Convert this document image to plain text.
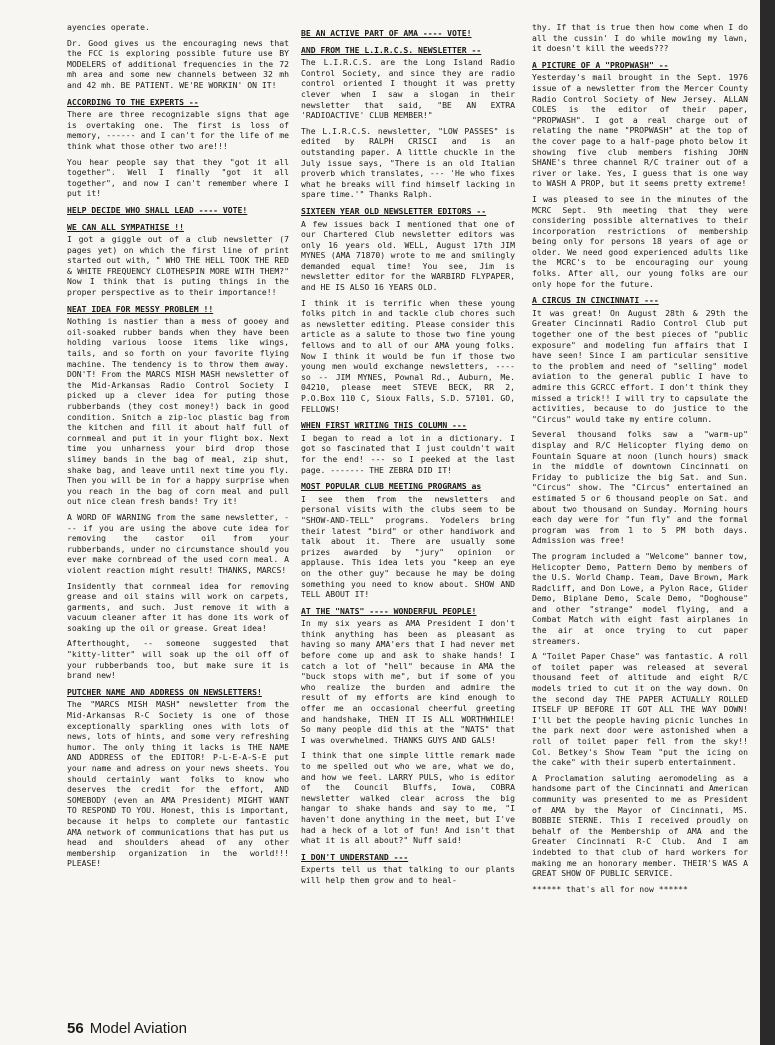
ayencies operate.

Dr. Good gives us the encouraging news that the FCC is exploring possible future use BY MODELERS of additional frequencies in the 72 mh area and some new channels between 32 mh and 42 mh. BE PATIENT. WE'RE WORKIN' ON IT!

ACCORDING TO THE EXPERTS --

There are three recognizable signs that age is overtaking one. The first is loss of memory, ------ and I can't for the life of me think what those other two are!!!

You hear people say that they "got it all together". Well I finally "got it all together", and now I can't remember where I put it!

HELP DECIDE WHO SHALL LEAD ---- VOTE!
WE CAN ALL SYMPATHISE !!

I got a giggle out of a club newsletter (7 pages yet) on which the first line of print started out with, " WHO THE HELL TOOK THE RED & WHITE FREQUENCY CLOTHESPIN MORE WITH THEM?" Now I think that is puting things in the proper perspective as to their importance!!

NEAT IDEA FOR MESSY PROBLEM !!

Nothing is nastier than a mess of gooey and oil-soaked rubber bands when they have been holding various loose items like wings, tails, and so forth on your favorite flying machine. The tendency is to throw them away. DON'T! From the MARCS MISH MASH newsletter of the Mid-Arkansas Radio Control Society I picked up a clever idea for puting those rubberbands (they cost money!) back in good condition. Snitch a zip-loc plastic bag from the kitchen and fill it about half full of cornmeal and put it in your flight box. Next time you unharness your bird drop those slimey bands in the bag of meal, zip shut, shake bag, and leave until next time you fly. Then you will be in for a happy surprise when you reach in the bag of corn meal and pull out nice clean fresh bands! Try it!

A WORD OF WARNING from the same newsletter, --- if you are using the above cute idea for removing the castor oil from your rubberbands, under no circumstance should you ever make cornbread of the used corn meal. A violent reaction might result! THANKS, MARCS!

Insidently that cornmeal idea for removing grease and oil stains will work on carpets, garments, and such. Just remove it with a vacuum cleaner after it has done its work of soaking up the oil or grease. Great idea!

Afterthought, -- someone suggested that "kitty-litter" will soak up the oil off of your rubberbands too, but make sure it is brand new!

PUTCHER NAME AND ADDRESS ON NEWSLETTERS!

The "MARCS MISH MASH" newsletter from the Mid-Arkansas R-C Society is one of those exceptionally sparkling ones with lots of news, lots of hints, and some very refreshing humor. The only thing it lacks is THE NAME AND ADDRESS of the EDITOR! P-L-E-A-S-E put your name and adress on your news sheets. You should certainly want folks to know who deserves the credit for the effort, AND SOMEBODY (even an AMA President) MIGHT WANT TO RESPOND TO YOU. Honest, this is important, because it helps to complete our fantastic AMA network of communications that has put us head and shoulders ahead of any other membership organization in the world!!! PLEASE!

BE AN ACTIVE PART OF AMA ---- VOTE!
AND FROM THE L.I.R.C.S. NEWSLETTER --

The L.I.R.C.S. are the Long Island Radio Control Society, and since they are radio control oriented I thought it was pretty clever when I saw a slogan in their newsletter that said, "BE AN EXTRA 'RADIOACTIVE' CLUB MEMBER!"

The L.I.R.C.S. newsletter, "LOW PASSES" is edited by RALPH CRISCI and is an outstanding paper. A little chuckle in the July issue says, "There is an old Italian proverb which translates, --- 'He who fixes what he breaks will find himself lacking in spare time.'" Thanks Ralph.

SIXTEEN YEAR OLD NEWSLETTER EDITORS --

A few issues back I mentioned that one of our Chartered Club newsletter editors was only 16 years old. WELL, August 17th JIM MYNES (AMA 71870) wrote to me and smilingly demanded equal time! You see, Jim is newsletter editor for the WARBIRD FLYPAPER, and HE IS ALSO 16 YEARS OLD.

I think it is terrific when these young folks pitch in and tackle club chores such as newsletter editing. Please consider this article as a salute to those two fine young fellows and to all of our AMA young folks. Now I think it would be fun if those two young men would exchange newsletters, ---- so -- JIM MYNES, Pownal Rd., Auburn, Me. 04210, please meet STEVE BECK, RR 2, P.O.Box 110 C, Sioux Falls, S.D. 57101. GO, FELLOWS!

WHEN FIRST WRITING THIS COLUMN ---

I began to read a lot in a dictionary. I got so fascinated that I just couldn't wait for the end! --- so I peeked at the last page. ------- THE ZEBRA DID IT!

MOST POPULAR CLUB MEETING PROGRAMS as

I see them from the newsletters and personal visits with the clubs seem to be "SHOW-AND-TELL" programs. Yodelers bring their latest "bird" or other handiwork and talk about it. There are usually some prizes awarded by "jury" opinion or applause. This idea lets you "keep an eye on the other guy" because he may be doing something you need to know about. SHOW AND TELL ABOUT IT!

AT THE "NATS" ---- WONDERFUL PEOPLE!

In my six years as AMA President I don't think anything has been as pleasant as having so many AMA'ers that I had never met before come up and ask to shake hands! I catch a lot of "hell" because in AMA the "buck stops with me", but if some of you who realize the burden and admire the result of my efforts are kind enough to offer me an occasional cheerful greeting and handshake, THEN IT IS ALL WORTHWHILE! So many people did this at the "NATS" that I was overwhelmed. THANKS GUYS AND GALS!

I think that one simple little remark made to me spelled out who we are, what we do, and how we feel. LARRY PULS, who is editor of the Council Bluffs, Iowa, COBRA newsletter walked clear across the big hangar to shake hands and say to me, "I haven't done anything in the meet, but I've had a heck of a lot of fun! And isn't that what it is all about?" Nuff said!

I DON'T UNDERSTAND ---

Experts tell us that talking to our plants will help them grow and to heal-

thy. If that is true then how come when I do all the cussin' I do while mowing my lawn, it doesn't kill the weeds???

A PICTURE OF A "PROPWASH" --

Yesterday's mail brought in the Sept. 1976 issue of a newsletter from the Mercer County Radio Control Society of New Jersey. ALLAN COLES is the editor of their paper, "PROPWASH". I got a real charge out of relating the name "PROPWASH" at the top of the cover page to a half-page photo below it showing five club members fishing JOHN SHANE's three channel R/C trainer out of a river or lake. Yes, I guess that is one way to WASH A PROP, but it seems pretty extreme!

I was pleased to see in the minutes of the MCRC Sept. 9th meeting that they were considering possible alternatives to their incorporation restrictions of membership being only for persons 18 years of age or older. We need good experienced adults like the MCRC's to be encouraging our young folks. After all, our young folks are our only hope for the future.

A CIRCUS IN CINCINNATI ---

It was great! On August 28th & 29th the Greater Cincinnati Radio Control Club put together one of the best pieces of "public exposure" and modeling fun affairs that I have seen! Since I am particular sensitive to the problem and need of "selling" model aviation to the general public I have to admire this GCRCC effort. I don't think they missed a trick!! I will try to capsulate the activities, because to do justice to the "Circus" would take my entire column.

Several thousand folks saw a "warm-up" display and R/C Helicopter flying demo on Fountain Square at noon (lunch hours) smack in the middle of downtown Cincinnati on Friday to publicize the big Sat. and Sun. "Circus" show. The "Circus" entertained an estimated 5 or 6 thousand people on Sat. and about two thousand on Sunday. Morning hours each day were for "fun fly" and the formal program was from 1 to 5 PM both days. Admission was free!

The program included a "Welcome" banner tow, Helicopter Demo, Pattern Demo by members of the U.S. World Champ. Team, Dave Brown, Mark Radcliff, and Don Lowe, a Pylon Race, Glider Demo, Biplane Demo, Scale Demo, "Doghouse" and other "strange" model flying, and a Combat Match with eight fast airplanes in the air at once trying to cut paper streamers.

A "Toilet Paper Chase" was fantastic. A roll of toilet paper was released at several thousand feet of altitude and eight R/C models tried to cut it on the way down. On the second day THE PAPER ACTUALLY ROLLED ITSELF UP BEFORE IT GOT ALL THE WAY DOWN! I'll bet the people having picnic lunches in the park next door were astonished when a roll of toilet paper fell from the sky!! Col. Betkey's Show Team "put the icing on the cake" with their superb entertainment.

A Proclamation saluting aeromodeling as a handsome part of the Cincinnati and American community was presented to me as President of AMA by the Mayor of Cincinnati, MS. BOBBIE STERNE. This I received proudly on behalf of the Membership of AMA and the Greater Cincinnati R-C Club. And I am indebted to that club of hard workers for making me an honorary member. THEIR'S WAS A GREAT SHOW OF PUBLIC SERVICE.

****** that's all for now ******

56 Model Aviation
